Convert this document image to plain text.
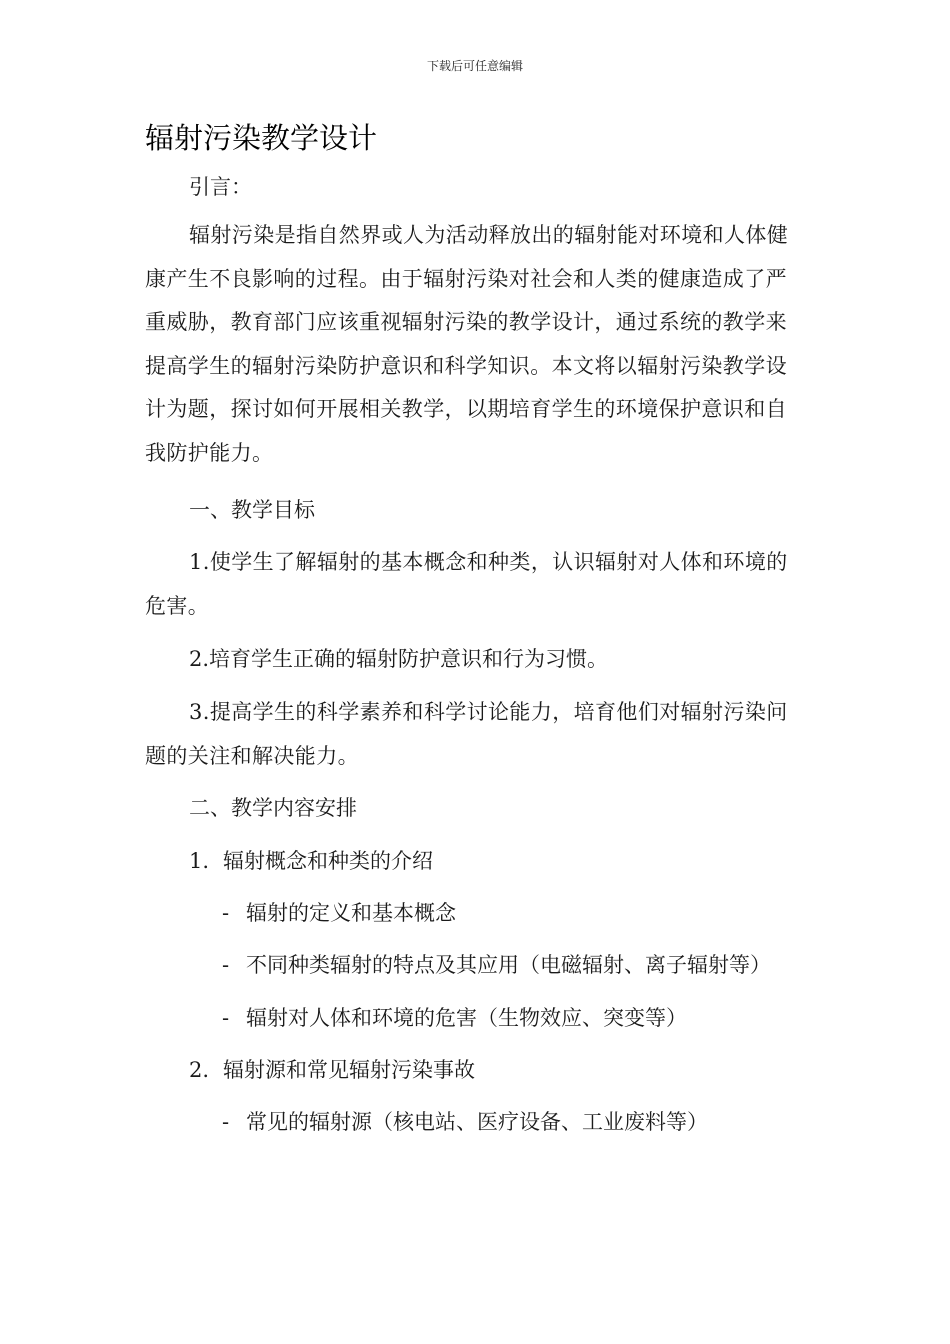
下载后可任意编辑
辐射污染教学设计

引言：

辐射污染是指自然界或人为活动释放出的辐射能对环境和人体健康产生不良影响的过程。由于辐射污染对社会和人类的健康造成了严重威胁，教育部门应该重视辐射污染的教学设计，通过系统的教学来提高学生的辐射污染防护意识和科学知识。本文将以辐射污染教学设计为题，探讨如何开展相关教学，以期培育学生的环境保护意识和自我防护能力。

一、教学目标

1.使学生了解辐射的基本概念和种类，认识辐射对人体和环境的危害。

2.培育学生正确的辐射防护意识和行为习惯。

3.提高学生的科学素养和科学讨论能力，培育他们对辐射污染问题的关注和解决能力。

二、教学内容安排

1. 辐射概念和种类的介绍
- 辐射的定义和基本概念
- 不同种类辐射的特点及其应用（电磁辐射、离子辐射等）
- 辐射对人体和环境的危害（生物效应、突变等）
2. 辐射源和常见辐射污染事故
- 常见的辐射源（核电站、医疗设备、工业废料等）
